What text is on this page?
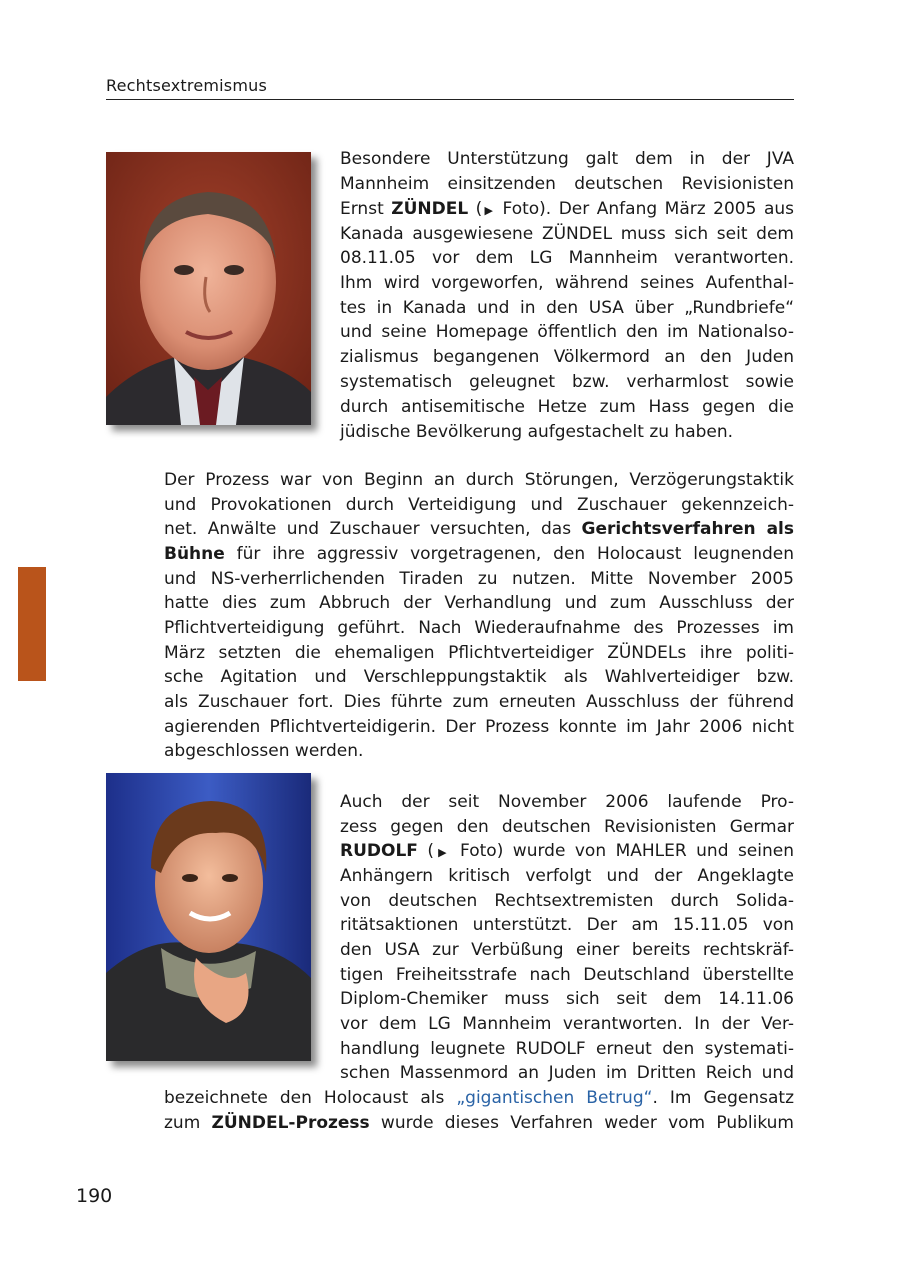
Rechtsextremismus
Besondere Unterstützung galt dem in der JVA
Mannheim einsitzenden deutschen Revisionisten
Ernst ZÜNDEL (▶ Foto). Der Anfang März 2005 aus
Kanada ausgewiesene ZÜNDEL muss sich seit dem
08.11.05 vor dem LG Mannheim verantworten.
Ihm wird vorgeworfen, während seines Aufenthal-
tes in Kanada und in den USA über „Rundbriefe“
und seine Homepage öffentlich den im Nationalso-
zialismus begangenen Völkermord an den Juden
systematisch geleugnet bzw. verharmlost sowie
durch antisemitische Hetze zum Hass gegen die
jüdische Bevölkerung aufgestachelt zu haben.
Der Prozess war von Beginn an durch Störungen, Verzögerungstaktik
und Provokationen durch Verteidigung und Zuschauer gekennzeich-
net. Anwälte und Zuschauer versuchten, das Gerichtsverfahren als
Bühne für ihre aggressiv vorgetragenen, den Holocaust leugnenden
und NS-verherrlichenden Tiraden zu nutzen. Mitte November 2005
hatte dies zum Abbruch der Verhandlung und zum Ausschluss der
Pflichtverteidigung geführt. Nach Wiederaufnahme des Prozesses im
März setzten die ehemaligen Pflichtverteidiger ZÜNDELs ihre politi-
sche Agitation und Verschleppungstaktik als Wahlverteidiger bzw.
als Zuschauer fort. Dies führte zum erneuten Ausschluss der führend
agierenden Pflichtverteidigerin. Der Prozess konnte im Jahr 2006 nicht
abgeschlossen werden.
Auch der seit November 2006 laufende Pro-
zess gegen den deutschen Revisionisten Germar
RUDOLF (▶ Foto) wurde von MAHLER und seinen
Anhängern kritisch verfolgt und der Angeklagte
von deutschen Rechtsextremisten durch Solida-
ritätsaktionen unterstützt. Der am 15.11.05 von
den USA zur Verbüßung einer bereits rechtskräf-
tigen Freiheitsstrafe nach Deutschland überstellte
Diplom-Chemiker muss sich seit dem 14.11.06
vor dem LG Mannheim verantworten. In der Ver-
handlung leugnete RUDOLF erneut den systemati-
schen Massenmord an Juden im Dritten Reich und
bezeichnete den Holocaust als „gigantischen Betrug“. Im Gegensatz
zum ZÜNDEL-Prozess wurde dieses Verfahren weder vom Publikum
190
